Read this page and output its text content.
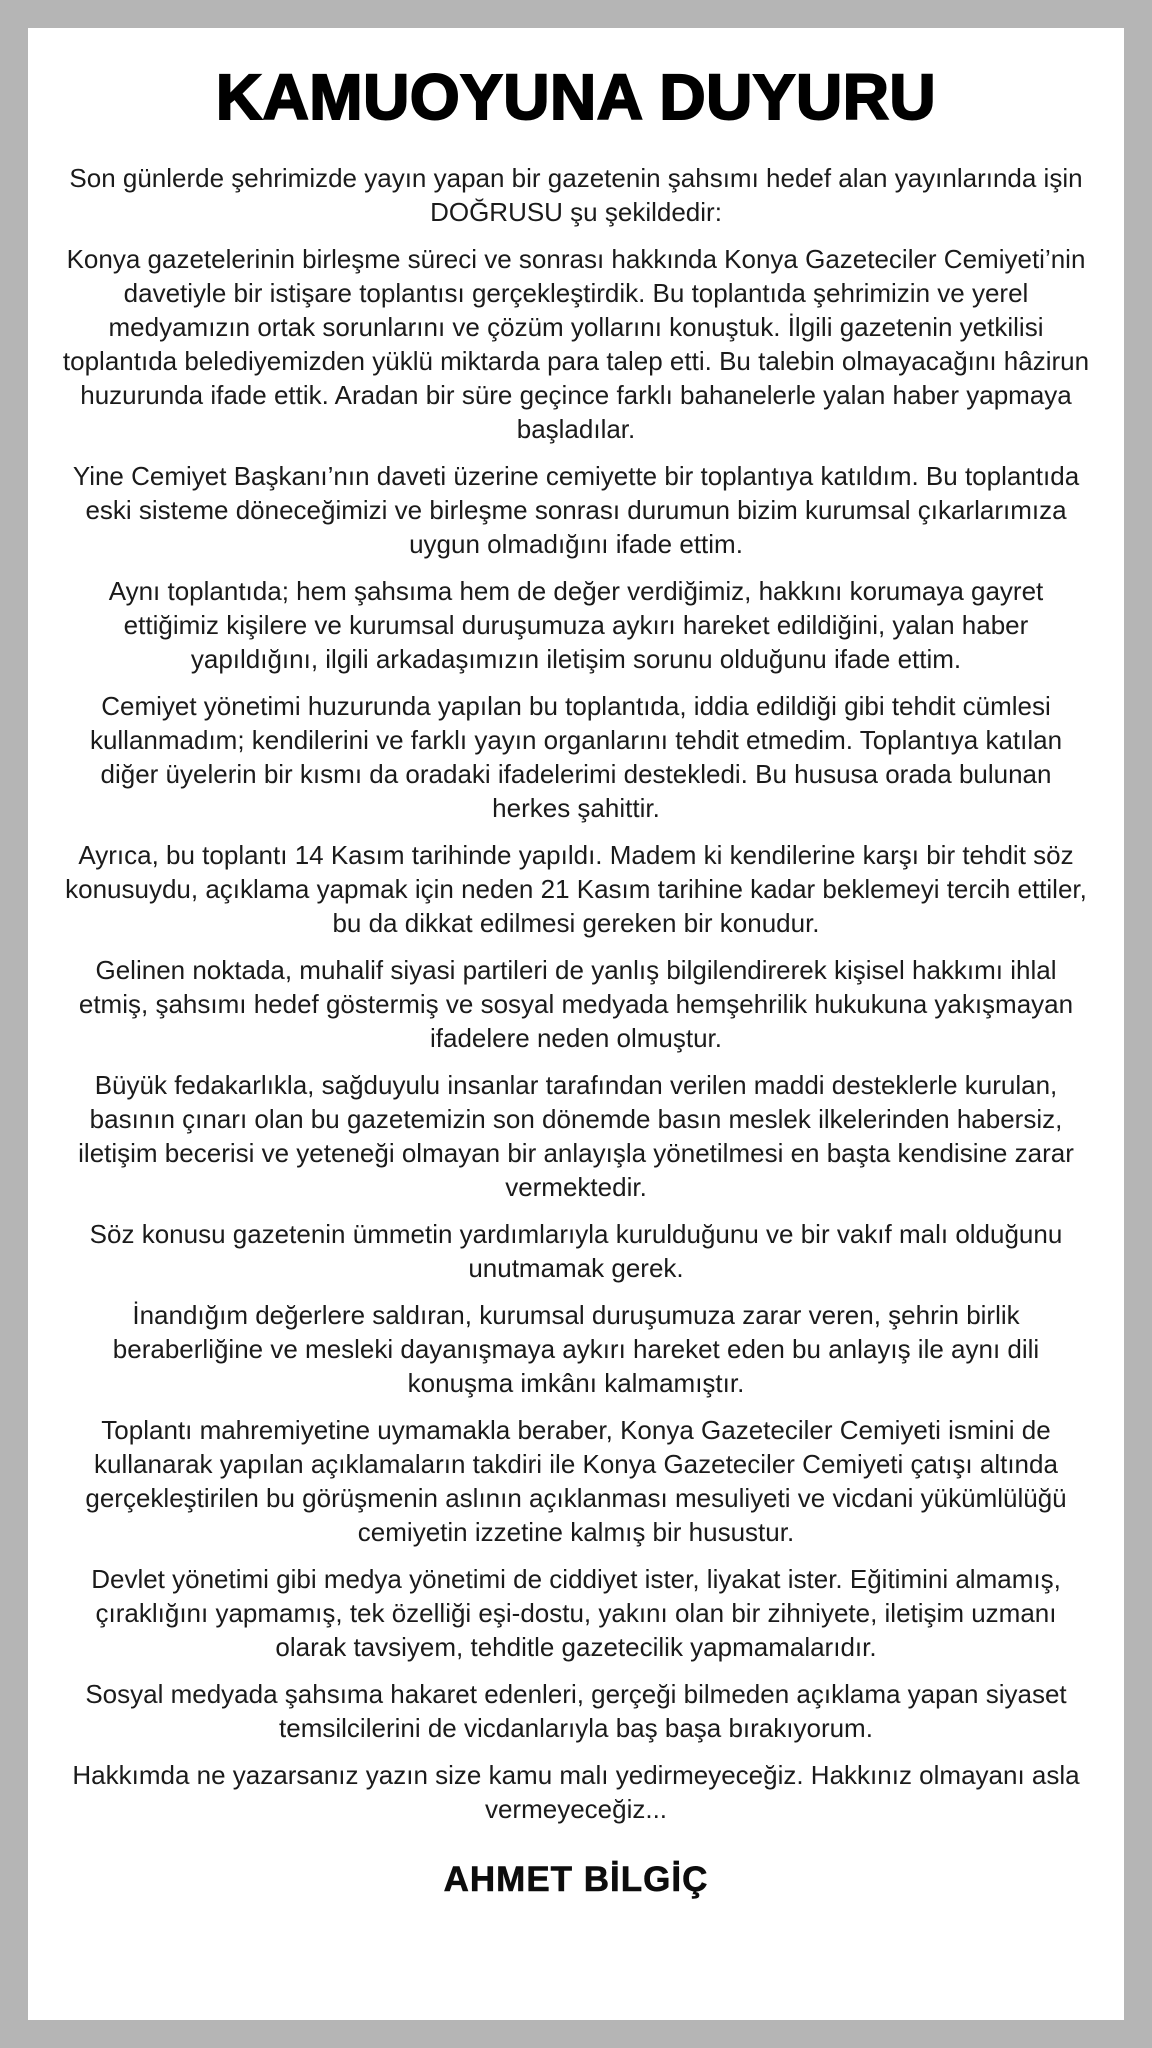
KAMUOYUNA DUYURU

Son günlerde şehrimizde yayın yapan bir gazetenin şahsımı hedef alan yayınlarında işin DOĞRUSU şu şekildedir:

Konya gazetelerinin birleşme süreci ve sonrası hakkında Konya Gazeteciler Cemiyeti’nin davetiyle bir istişare toplantısı gerçekleştirdik. Bu toplantıda şehrimizin ve yerel medyamızın ortak sorunlarını ve çözüm yollarını konuştuk. İlgili gazetenin yetkilisi toplantıda belediyemizden yüklü miktarda para talep etti. Bu talebin olmayacağını hâzirun huzurunda ifade ettik. Aradan bir süre geçince farklı bahanelerle yalan haber yapmaya başladılar.

Yine Cemiyet Başkanı’nın daveti üzerine cemiyette bir toplantıya katıldım. Bu toplantıda eski sisteme döneceğimizi ve birleşme sonrası durumun bizim kurumsal çıkarlarımıza uygun olmadığını ifade ettim.

Aynı toplantıda; hem şahsıma hem de değer verdiğimiz, hakkını korumaya gayret ettiğimiz kişilere ve kurumsal duruşumuza aykırı hareket edildiğini, yalan haber yapıldığını, ilgili arkadaşımızın iletişim sorunu olduğunu ifade ettim.

Cemiyet yönetimi huzurunda yapılan bu toplantıda, iddia edildiği gibi tehdit cümlesi kullanmadım; kendilerini ve farklı yayın organlarını tehdit etmedim. Toplantıya katılan diğer üyelerin bir kısmı da oradaki ifadelerimi destekledi. Bu hususa orada bulunan herkes şahittir.

Ayrıca, bu toplantı 14 Kasım tarihinde yapıldı. Madem ki kendilerine karşı bir tehdit söz konusuydu, açıklama yapmak için neden 21 Kasım tarihine kadar beklemeyi tercih ettiler, bu da dikkat edilmesi gereken bir konudur.

Gelinen noktada, muhalif siyasi partileri de yanlış bilgilendirerek kişisel hakkımı ihlal etmiş, şahsımı hedef göstermiş ve sosyal medyada hemşehrilik hukukuna yakışmayan ifadelere neden olmuştur.

Büyük fedakarlıkla, sağduyulu insanlar tarafından verilen maddi desteklerle kurulan, basının çınarı olan bu gazetemizin son dönemde basın meslek ilkelerinden habersiz, iletişim becerisi ve yeteneği olmayan bir anlayışla yönetilmesi en başta kendisine zarar vermektedir.

Söz konusu gazetenin ümmetin yardımlarıyla kurulduğunu ve bir vakıf malı olduğunu unutmamak gerek.

İnandığım değerlere saldıran, kurumsal duruşumuza zarar veren, şehrin birlik beraberliğine ve mesleki dayanışmaya aykırı hareket eden bu anlayış ile aynı dili konuşma imkânı kalmamıştır.

Toplantı mahremiyetine uymamakla beraber, Konya Gazeteciler Cemiyeti ismini de kullanarak yapılan açıklamaların takdiri ile Konya Gazeteciler Cemiyeti çatışı altında gerçekleştirilen bu görüşmenin aslının açıklanması mesuliyeti ve vicdani yükümlülüğü cemiyetin izzetine kalmış bir husustur.

Devlet yönetimi gibi medya yönetimi de ciddiyet ister, liyakat ister. Eğitimini almamış, çıraklığını yapmamış, tek özelliği eşi-dostu, yakını olan bir zihniyete, iletişim uzmanı olarak tavsiyem, tehditle gazetecilik yapmamalarıdır.

Sosyal medyada şahsıma hakaret edenleri, gerçeği bilmeden açıklama yapan siyaset temsilcilerini de vicdanlarıyla baş başa bırakıyorum.

Hakkımda ne yazarsanız yazın size kamu malı yedirmeyeceğiz. Hakkınız olmayanı asla vermeyeceğiz...

AHMET BİLGİÇ
